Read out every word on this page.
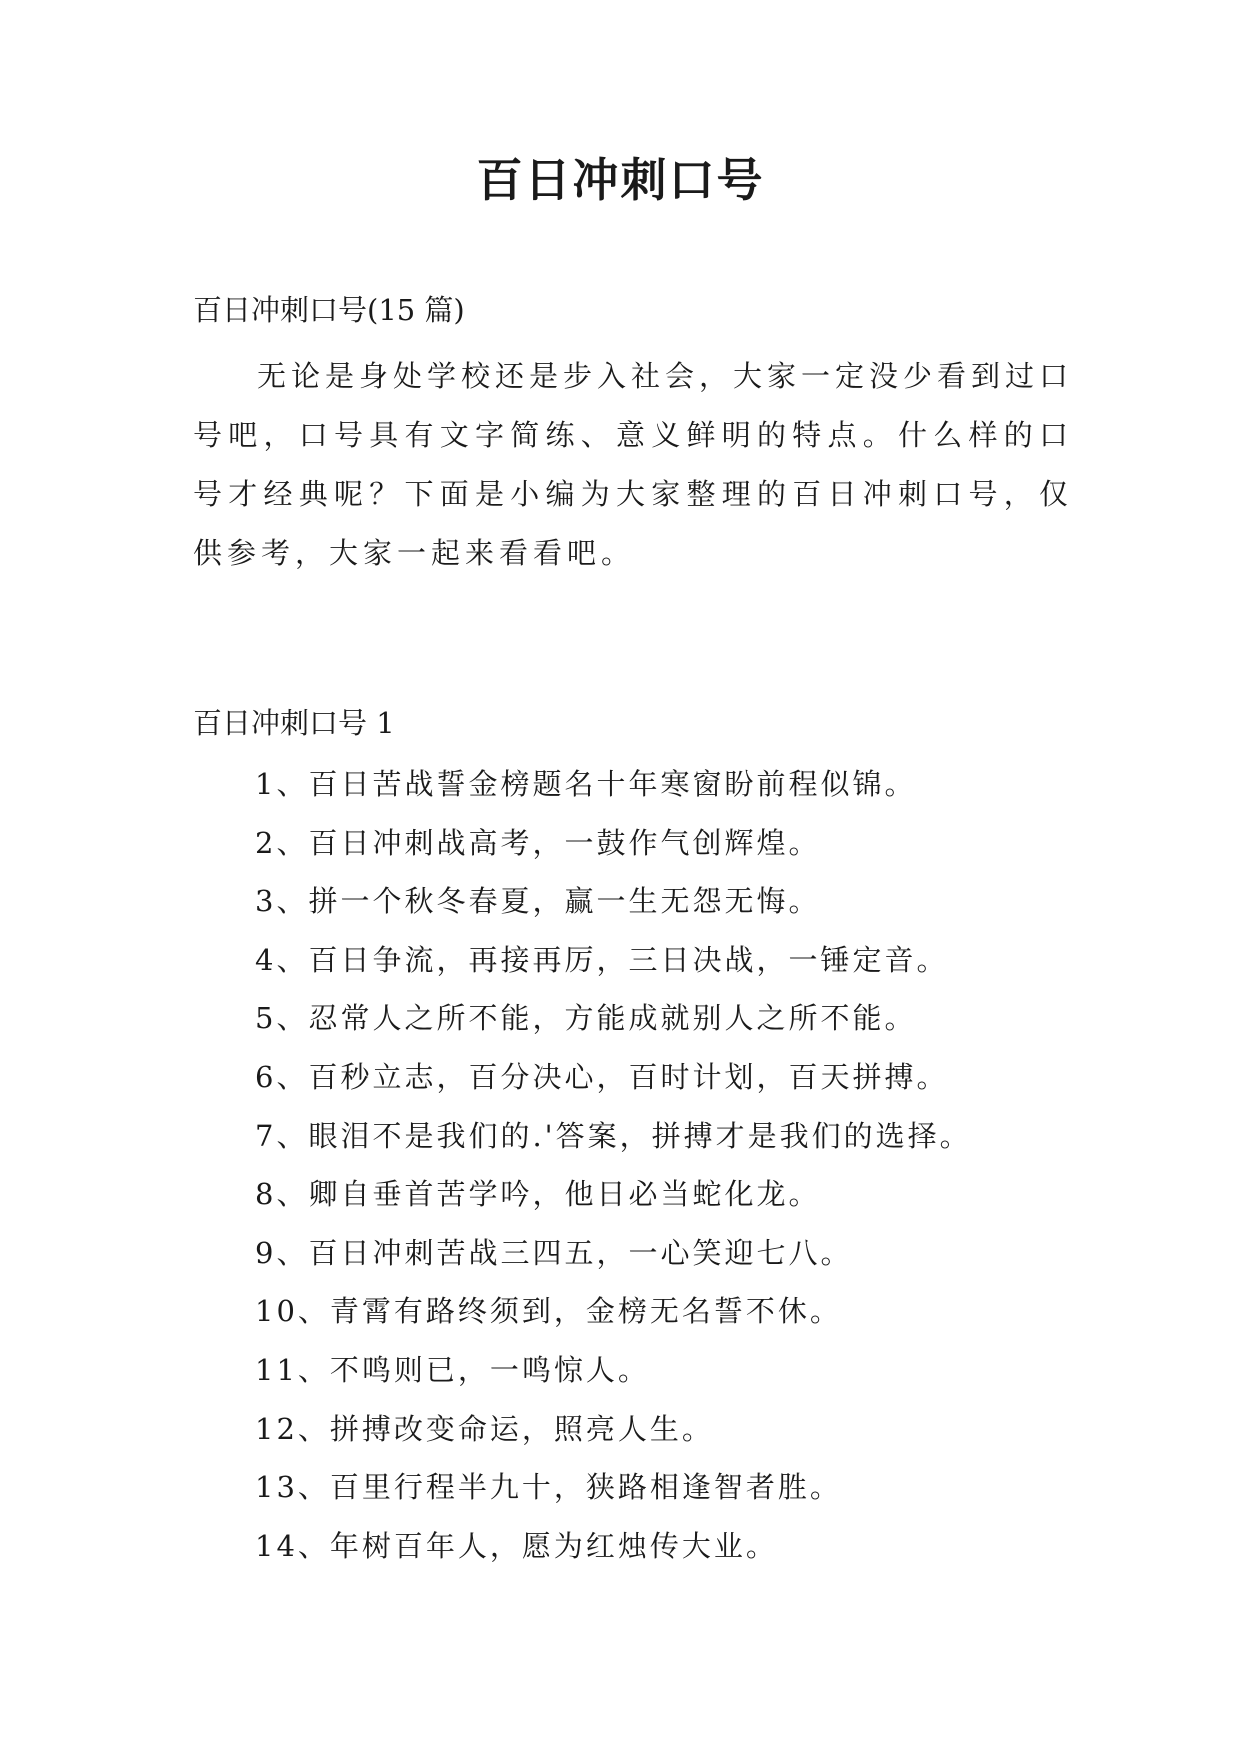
百日冲刺口号
百日冲刺口号(15 篇)

无论是身处学校还是步入社会，大家一定没少看到过口号吧，口号具有文字简练、意义鲜明的特点。什么样的口号才经典呢？下面是小编为大家整理的百日冲刺口号，仅供参考，大家一起来看看吧。

百日冲刺口号 1
1、百日苦战誓金榜题名十年寒窗盼前程似锦。
2、百日冲刺战高考，一鼓作气创辉煌。
3、拼一个秋冬春夏，赢一生无怨无悔。
4、百日争流，再接再厉，三日决战，一锤定音。
5、忍常人之所不能，方能成就别人之所不能。
6、百秒立志，百分决心，百时计划，百天拼搏。
7、眼泪不是我们的.'答案，拼搏才是我们的选择。
8、卿自垂首苦学吟，他日必当蛇化龙。
9、百日冲刺苦战三四五，一心笑迎七八。
10、青霄有路终须到，金榜无名誓不休。
11、不鸣则已，一鸣惊人。
12、拼搏改变命运，照亮人生。
13、百里行程半九十，狭路相逢智者胜。
14、年树百年人，愿为红烛传大业。
